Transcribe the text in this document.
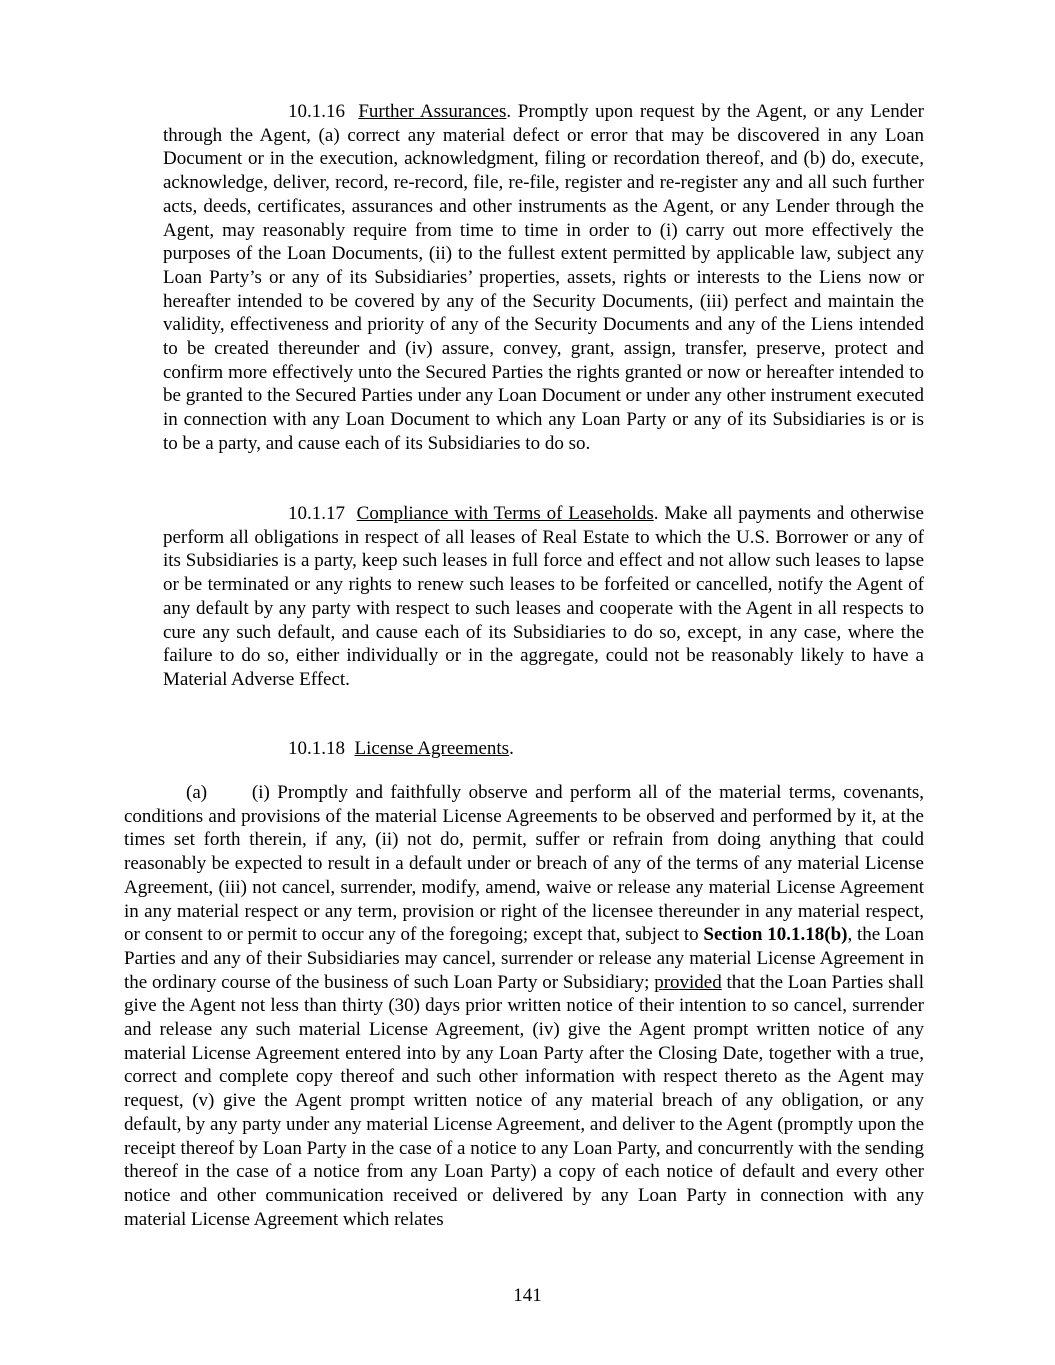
10.1.16 Further Assurances. Promptly upon request by the Agent, or any Lender through the Agent, (a) correct any material defect or error that may be discovered in any Loan Document or in the execution, acknowledgment, filing or recordation thereof, and (b) do, execute, acknowledge, deliver, record, re-record, file, re-file, register and re-register any and all such further acts, deeds, certificates, assurances and other instruments as the Agent, or any Lender through the Agent, may reasonably require from time to time in order to (i) carry out more effectively the purposes of the Loan Documents, (ii) to the fullest extent permitted by applicable law, subject any Loan Party’s or any of its Subsidiaries’ properties, assets, rights or interests to the Liens now or hereafter intended to be covered by any of the Security Documents, (iii) perfect and maintain the validity, effectiveness and priority of any of the Security Documents and any of the Liens intended to be created thereunder and (iv) assure, convey, grant, assign, transfer, preserve, protect and confirm more effectively unto the Secured Parties the rights granted or now or hereafter intended to be granted to the Secured Parties under any Loan Document or under any other instrument executed in connection with any Loan Document to which any Loan Party or any of its Subsidiaries is or is to be a party, and cause each of its Subsidiaries to do so.

10.1.17 Compliance with Terms of Leaseholds. Make all payments and otherwise perform all obligations in respect of all leases of Real Estate to which the U.S. Borrower or any of its Subsidiaries is a party, keep such leases in full force and effect and not allow such leases to lapse or be terminated or any rights to renew such leases to be forfeited or cancelled, notify the Agent of any default by any party with respect to such leases and cooperate with the Agent in all respects to cure any such default, and cause each of its Subsidiaries to do so, except, in any case, where the failure to do so, either individually or in the aggregate, could not be reasonably likely to have a Material Adverse Effect.

10.1.18 License Agreements.

(a) (i) Promptly and faithfully observe and perform all of the material terms, covenants, conditions and provisions of the material License Agreements to be observed and performed by it, at the times set forth therein, if any, (ii) not do, permit, suffer or refrain from doing anything that could reasonably be expected to result in a default under or breach of any of the terms of any material License Agreement, (iii) not cancel, surrender, modify, amend, waive or release any material License Agreement in any material respect or any term, provision or right of the licensee thereunder in any material respect, or consent to or permit to occur any of the foregoing; except that, subject to Section 10.1.18(b), the Loan Parties and any of their Subsidiaries may cancel, surrender or release any material License Agreement in the ordinary course of the business of such Loan Party or Subsidiary; provided that the Loan Parties shall give the Agent not less than thirty (30) days prior written notice of their intention to so cancel, surrender and release any such material License Agreement, (iv) give the Agent prompt written notice of any material License Agreement entered into by any Loan Party after the Closing Date, together with a true, correct and complete copy thereof and such other information with respect thereto as the Agent may request, (v) give the Agent prompt written notice of any material breach of any obligation, or any default, by any party under any material License Agreement, and deliver to the Agent (promptly upon the receipt thereof by Loan Party in the case of a notice to any Loan Party, and concurrently with the sending thereof in the case of a notice from any Loan Party) a copy of each notice of default and every other notice and other communication received or delivered by any Loan Party in connection with any material License Agreement which relates

141
